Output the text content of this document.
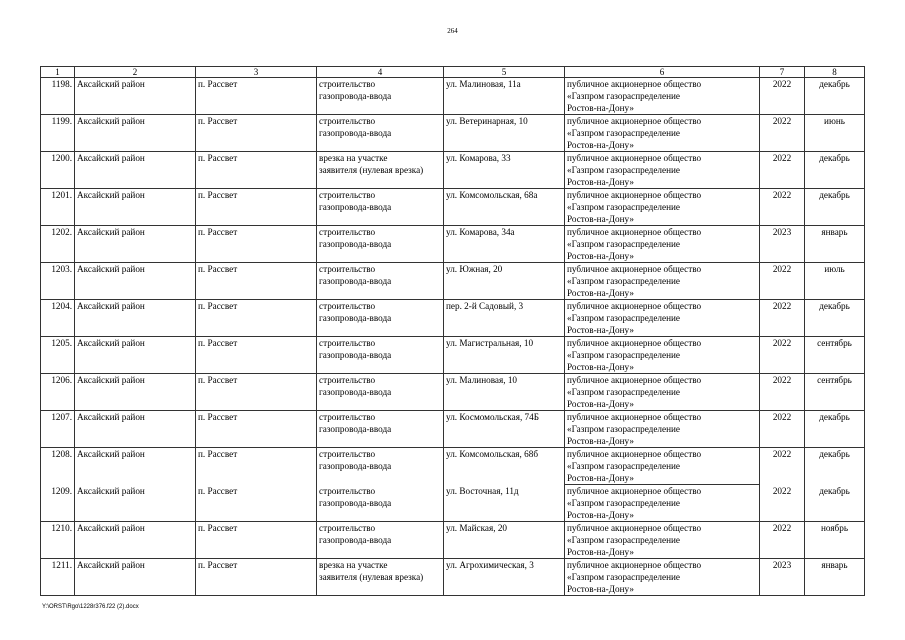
264
1	2	3	4	5	6	7	8
1198.	Аксайский район	п. Рассвет	строительство
газопровода-ввода	ул. Малиновая, 11а	публичное акционерное общество
«Газпром газораспределение
Ростов-на-Дону»	2022	декабрь
1199.	Аксайский район	п. Рассвет	строительство
газопровода-ввода	ул. Ветеринарная, 10	публичное акционерное общество
«Газпром газораспределение
Ростов-на-Дону»	2022	июнь
1200.	Аксайский район	п. Рассвет	врезка на участке
заявителя (нулевая врезка)	ул. Комарова, 33	публичное акционерное общество
«Газпром газораспределение
Ростов-на-Дону»	2022	декабрь
1201.	Аксайский район	п. Рассвет	строительство
газопровода-ввода	ул. Комсомольская, 68а	публичное акционерное общество
«Газпром газораспределение
Ростов-на-Дону»	2022	декабрь
1202.	Аксайский район	п. Рассвет	строительство
газопровода-ввода	ул. Комарова, 34а	публичное акционерное общество
«Газпром газораспределение
Ростов-на-Дону»	2023	январь
1203.	Аксайский район	п. Рассвет	строительство
газопровода-ввода	ул. Южная, 20	публичное акционерное общество
«Газпром газораспределение
Ростов-на-Дону»	2022	июль
1204.	Аксайский район	п. Рассвет	строительство
газопровода-ввода	пер. 2-й Садовый, 3	публичное акционерное общество
«Газпром газораспределение
Ростов-на-Дону»	2022	декабрь
1205.	Аксайский район	п. Рассвет	строительство
газопровода-ввода	ул. Магистральная, 10	публичное акционерное общество
«Газпром газораспределение
Ростов-на-Дону»	2022	сентябрь
1206.	Аксайский район	п. Рассвет	строительство
газопровода-ввода	ул. Малиновая, 10	публичное акционерное общество
«Газпром газораспределение
Ростов-на-Дону»	2022	сентябрь
1207.	Аксайский район	п. Рассвет	строительство
газопровода-ввода	ул. Космомольская, 74Б	публичное акционерное общество
«Газпром газораспределение
Ростов-на-Дону»	2022	декабрь
1208.	Аксайский район	п. Рассвет	строительство
газопровода-ввода	ул. Комсомольская, 68б	публичное акционерное общество
«Газпром газораспределение
Ростов-на-Дону»	2022	декабрь
1209.	Аксайский район	п. Рассвет	строительство
газопровода-ввода	ул. Восточная, 11д	публичное акционерное общество
«Газпром газораспределение
Ростов-на-Дону»	2022	декабрь
1210.	Аксайский район	п. Рассвет	строительство
газопровода-ввода	ул. Майская, 20	публичное акционерное общество
«Газпром газораспределение
Ростов-на-Дону»	2022	ноябрь
1211.	Аксайский район	п. Рассвет	врезка на участке
заявителя (нулевая врезка)	ул. Агрохимическая, 3	публичное акционерное общество
«Газпром газораспределение
Ростов-на-Дону»	2023	январь
Y:\ORST\Rgo\1228r376.f22 (2).docx
